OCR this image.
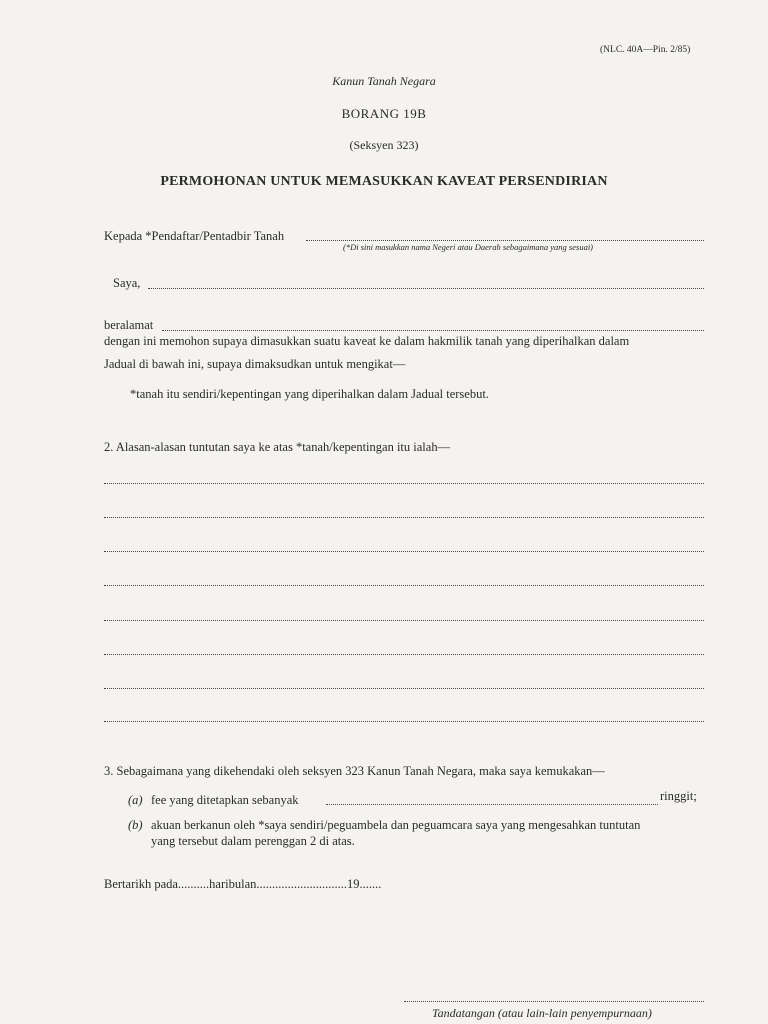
(NLC. 40A—Pin. 2/85)
Kanun Tanah Negara
BORANG 19B
(Seksyen 323)
PERMOHONAN UNTUK MEMASUKKAN KAVEAT PERSENDIRIAN
Kepada *Pendaftar/Pentadbir Tanah
(*Di sini masukkan nama Negeri atau Daerah sebagaimana yang sesuai)
Saya,
beralamat
dengan ini memohon supaya dimasukkan suatu kaveat ke dalam hakmilik tanah yang diperihalkan dalam
Jadual di bawah ini, supaya dimaksudkan untuk mengikat—
*tanah itu sendiri/kepentingan yang diperihalkan dalam Jadual tersebut.
2. Alasan-alasan tuntutan saya ke atas *tanah/kepentingan itu ialah—
3. Sebagaimana yang dikehendaki oleh seksyen 323 Kanun Tanah Negara, maka saya kemukakan—
(a) fee yang ditetapkan sebanyak	ringgit;
(b) akuan berkanun oleh *saya sendiri/peguambela dan peguamcara saya yang mengesahkan tuntutan
yang tersebut dalam perenggan 2 di atas.
Bertarikh pada..........haribulan.............................19.......
Tandatangan (atau lain-lain penyempurnaan)
